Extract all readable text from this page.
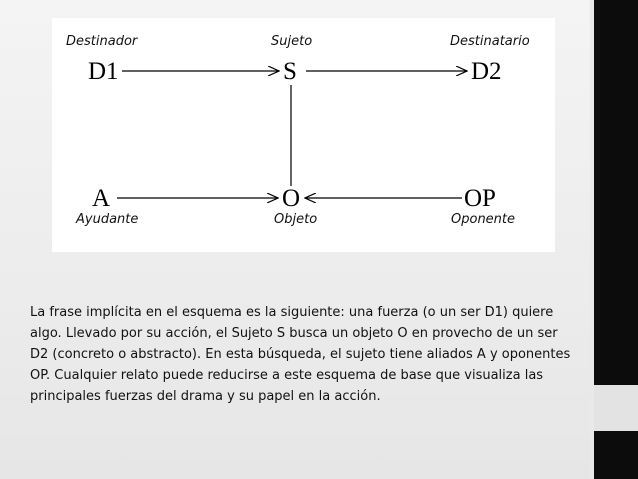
Destinador	Sujeto	Destinatario
D1	S	D2
A	O	OP
Ayudante	Objeto	Oponente

La frase implícita en el esquema es la siguiente: una fuerza (o un ser D1) quiere algo. Llevado por su acción, el Sujeto S busca un objeto O en provecho de un ser D2 (concreto o abstracto). En esta búsqueda, el sujeto tiene aliados A y oponentes OP. Cualquier relato puede reducirse a este esquema de base que visualiza las principales fuerzas del drama y su papel en la acción.
